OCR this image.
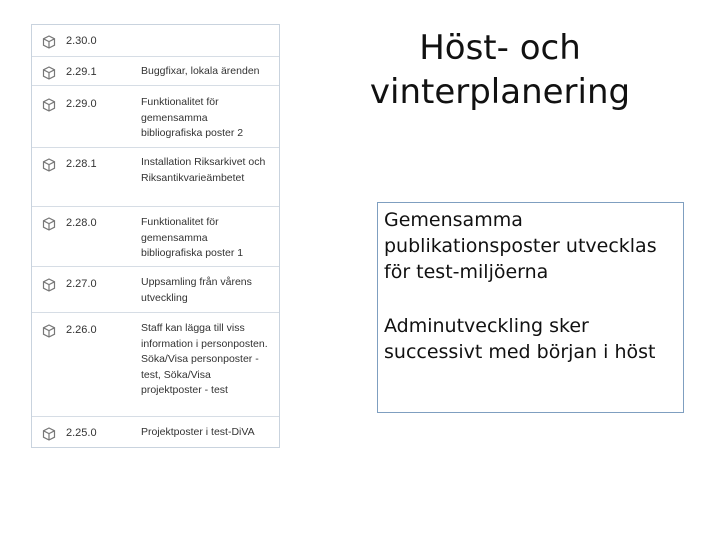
2.30.0
2.29.1	Buggfixar, lokala ärenden
2.29.0	Funktionalitet för gemensamma bibliografiska poster 2
2.28.1	Installation Riksarkivet och Riksantikvarieämbetet
2.28.0	Funktionalitet för gemensamma bibliografiska poster 1
2.27.0	Uppsamling från vårens utveckling
2.26.0	Staff kan lägga till viss information i personposten. Söka/Visa personposter - test, Söka/Visa projektposter - test
2.25.0	Projektposter i test-DiVA
Höst- och vinterplanering

Gemensamma publikationsposter utvecklas för test-miljöerna

Adminutveckling sker successivt med början i höst
